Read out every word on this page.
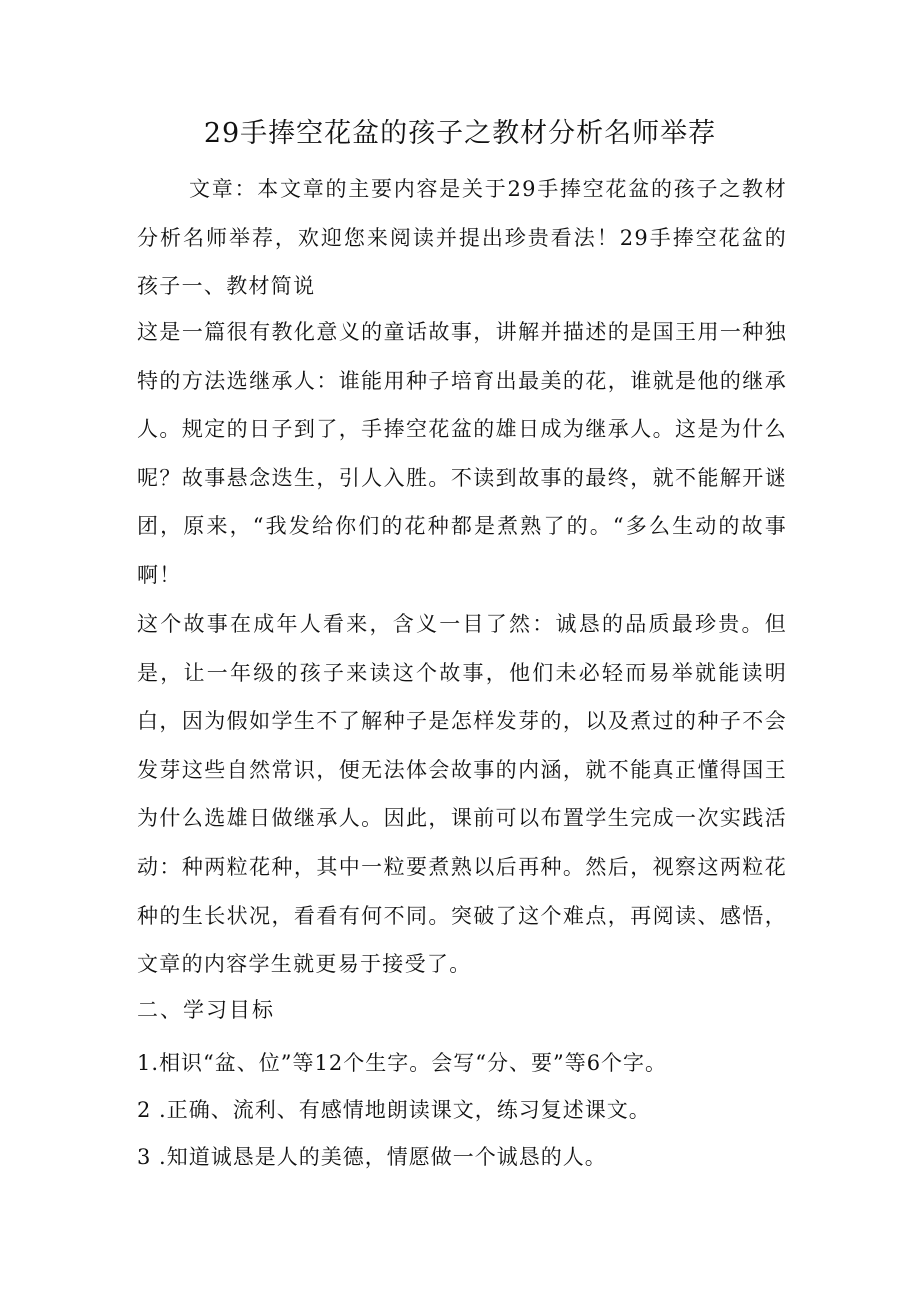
29手捧空花盆的孩子之教材分析名师举荐

文章：本文章的主要内容是关于29手捧空花盆的孩子之教材分析名师举荐，欢迎您来阅读并提出珍贵看法！29手捧空花盆的孩子一、教材简说

这是一篇很有教化意义的童话故事，讲解并描述的是国王用一种独特的方法选继承人：谁能用种子培育出最美的花，谁就是他的继承人。规定的日子到了，手捧空花盆的雄日成为继承人。这是为什么呢？故事悬念迭生，引人入胜。不读到故事的最终，就不能解开谜团，原来，“我发给你们的花种都是煮熟了的。“多么生动的故事啊！

这个故事在成年人看来，含义一目了然：诚恳的品质最珍贵。但是，让一年级的孩子来读这个故事，他们未必轻而易举就能读明白，因为假如学生不了解种子是怎样发芽的，以及煮过的种子不会发芽这些自然常识，便无法体会故事的内涵，就不能真正懂得国王为什么选雄日做继承人。因此，课前可以布置学生完成一次实践活动：种两粒花种，其中一粒要煮熟以后再种。然后，视察这两粒花种的生长状况，看看有何不同。突破了这个难点，再阅读、感悟，文章的内容学生就更易于接受了。

二、学习目标

1.相识“盆、位”等12个生字。会写“分、要”等6个字。

2 .正确、流利、有感情地朗读课文，练习复述课文。

3 .知道诚恳是人的美德，情愿做一个诚恳的人。
